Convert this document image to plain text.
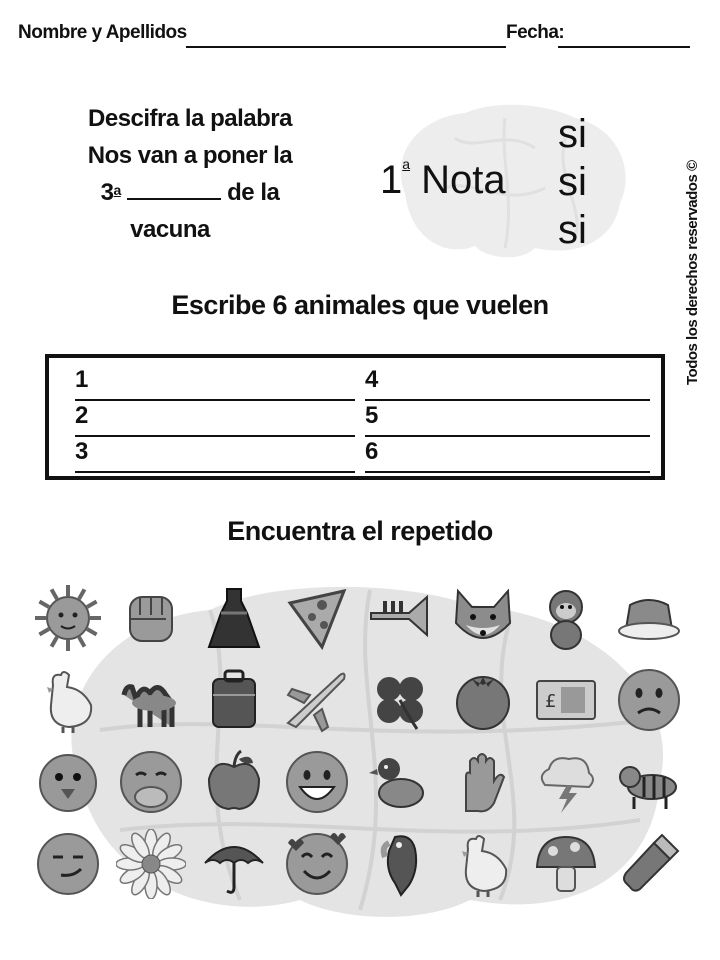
Nombre y Apellidos	Fecha:
Todos los derechos reservados ©
Descifra la palabra
Nos van a poner la
3$^a$	de la
vacuna
1$^a$ Nota
si
si
si
Escribe 6 animales que vuelen
1	4
2	5
3	6
Encuentra el repetido
£
